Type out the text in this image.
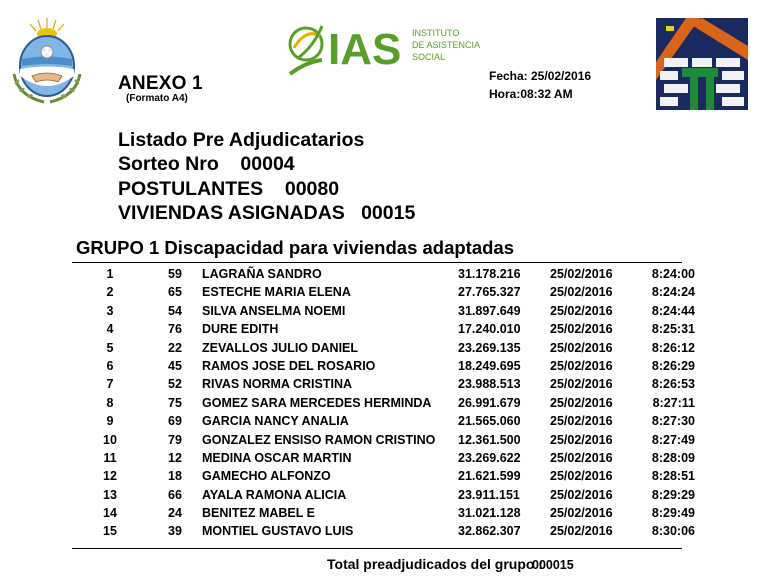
IAS INSTITUTO
DE ASISTENCIA
SOCIAL
ANEXO 1
(Formato A4)
Fecha: 25/02/2016
Hora:08:32 AM
Listado Pre Adjudicatarios
Sorteo Nro    00004
POSTULANTES    00080
VIVIENDAS ASIGNADAS   00015
GRUPO 1 Discapacidad para viviendas adaptadas
1	59	LAGRAÑA SANDRO	31.178.216 25/02/2016	8:24:00
2	65	ESTECHE MARIA ELENA	27.765.327 25/02/2016	8:24:24
3	54	SILVA ANSELMA NOEMI	31.897.649 25/02/2016	8:24:44
4	76	DURE EDITH	17.240.010 25/02/2016	8:25:31
5	22	ZEVALLOS JULIO DANIEL	23.269.135 25/02/2016	8:26:12
6	45	RAMOS JOSE DEL ROSARIO	18.249.695 25/02/2016	8:26:29
7	52	RIVAS NORMA CRISTINA	23.988.513 25/02/2016	8:26:53
8	75	GOMEZ SARA MERCEDES HERMINDA 26.991.679 25/02/2016	8:27:11
9	69	GARCIA NANCY ANALIA	21.565.060 25/02/2016	8:27:30
10	79	GONZALEZ ENSISO RAMON CRISTINO 12.361.500 25/02/2016	8:27:49
11	12	MEDINA OSCAR MARTIN	23.269.622 25/02/2016	8:28:09
12	18	GAMECHO ALFONZO	21.621.599 25/02/2016	8:28:51
13	66	AYALA RAMONA ALICIA	23.911.151 25/02/2016	8:29:29
14	24	BENITEZ MABEL E	31.021.128 25/02/2016	8:29:49
15	39	MONTIEL GUSTAVO LUIS	32.862.307 25/02/2016	8:30:06
Total preadjudicados del grupo :
000015
